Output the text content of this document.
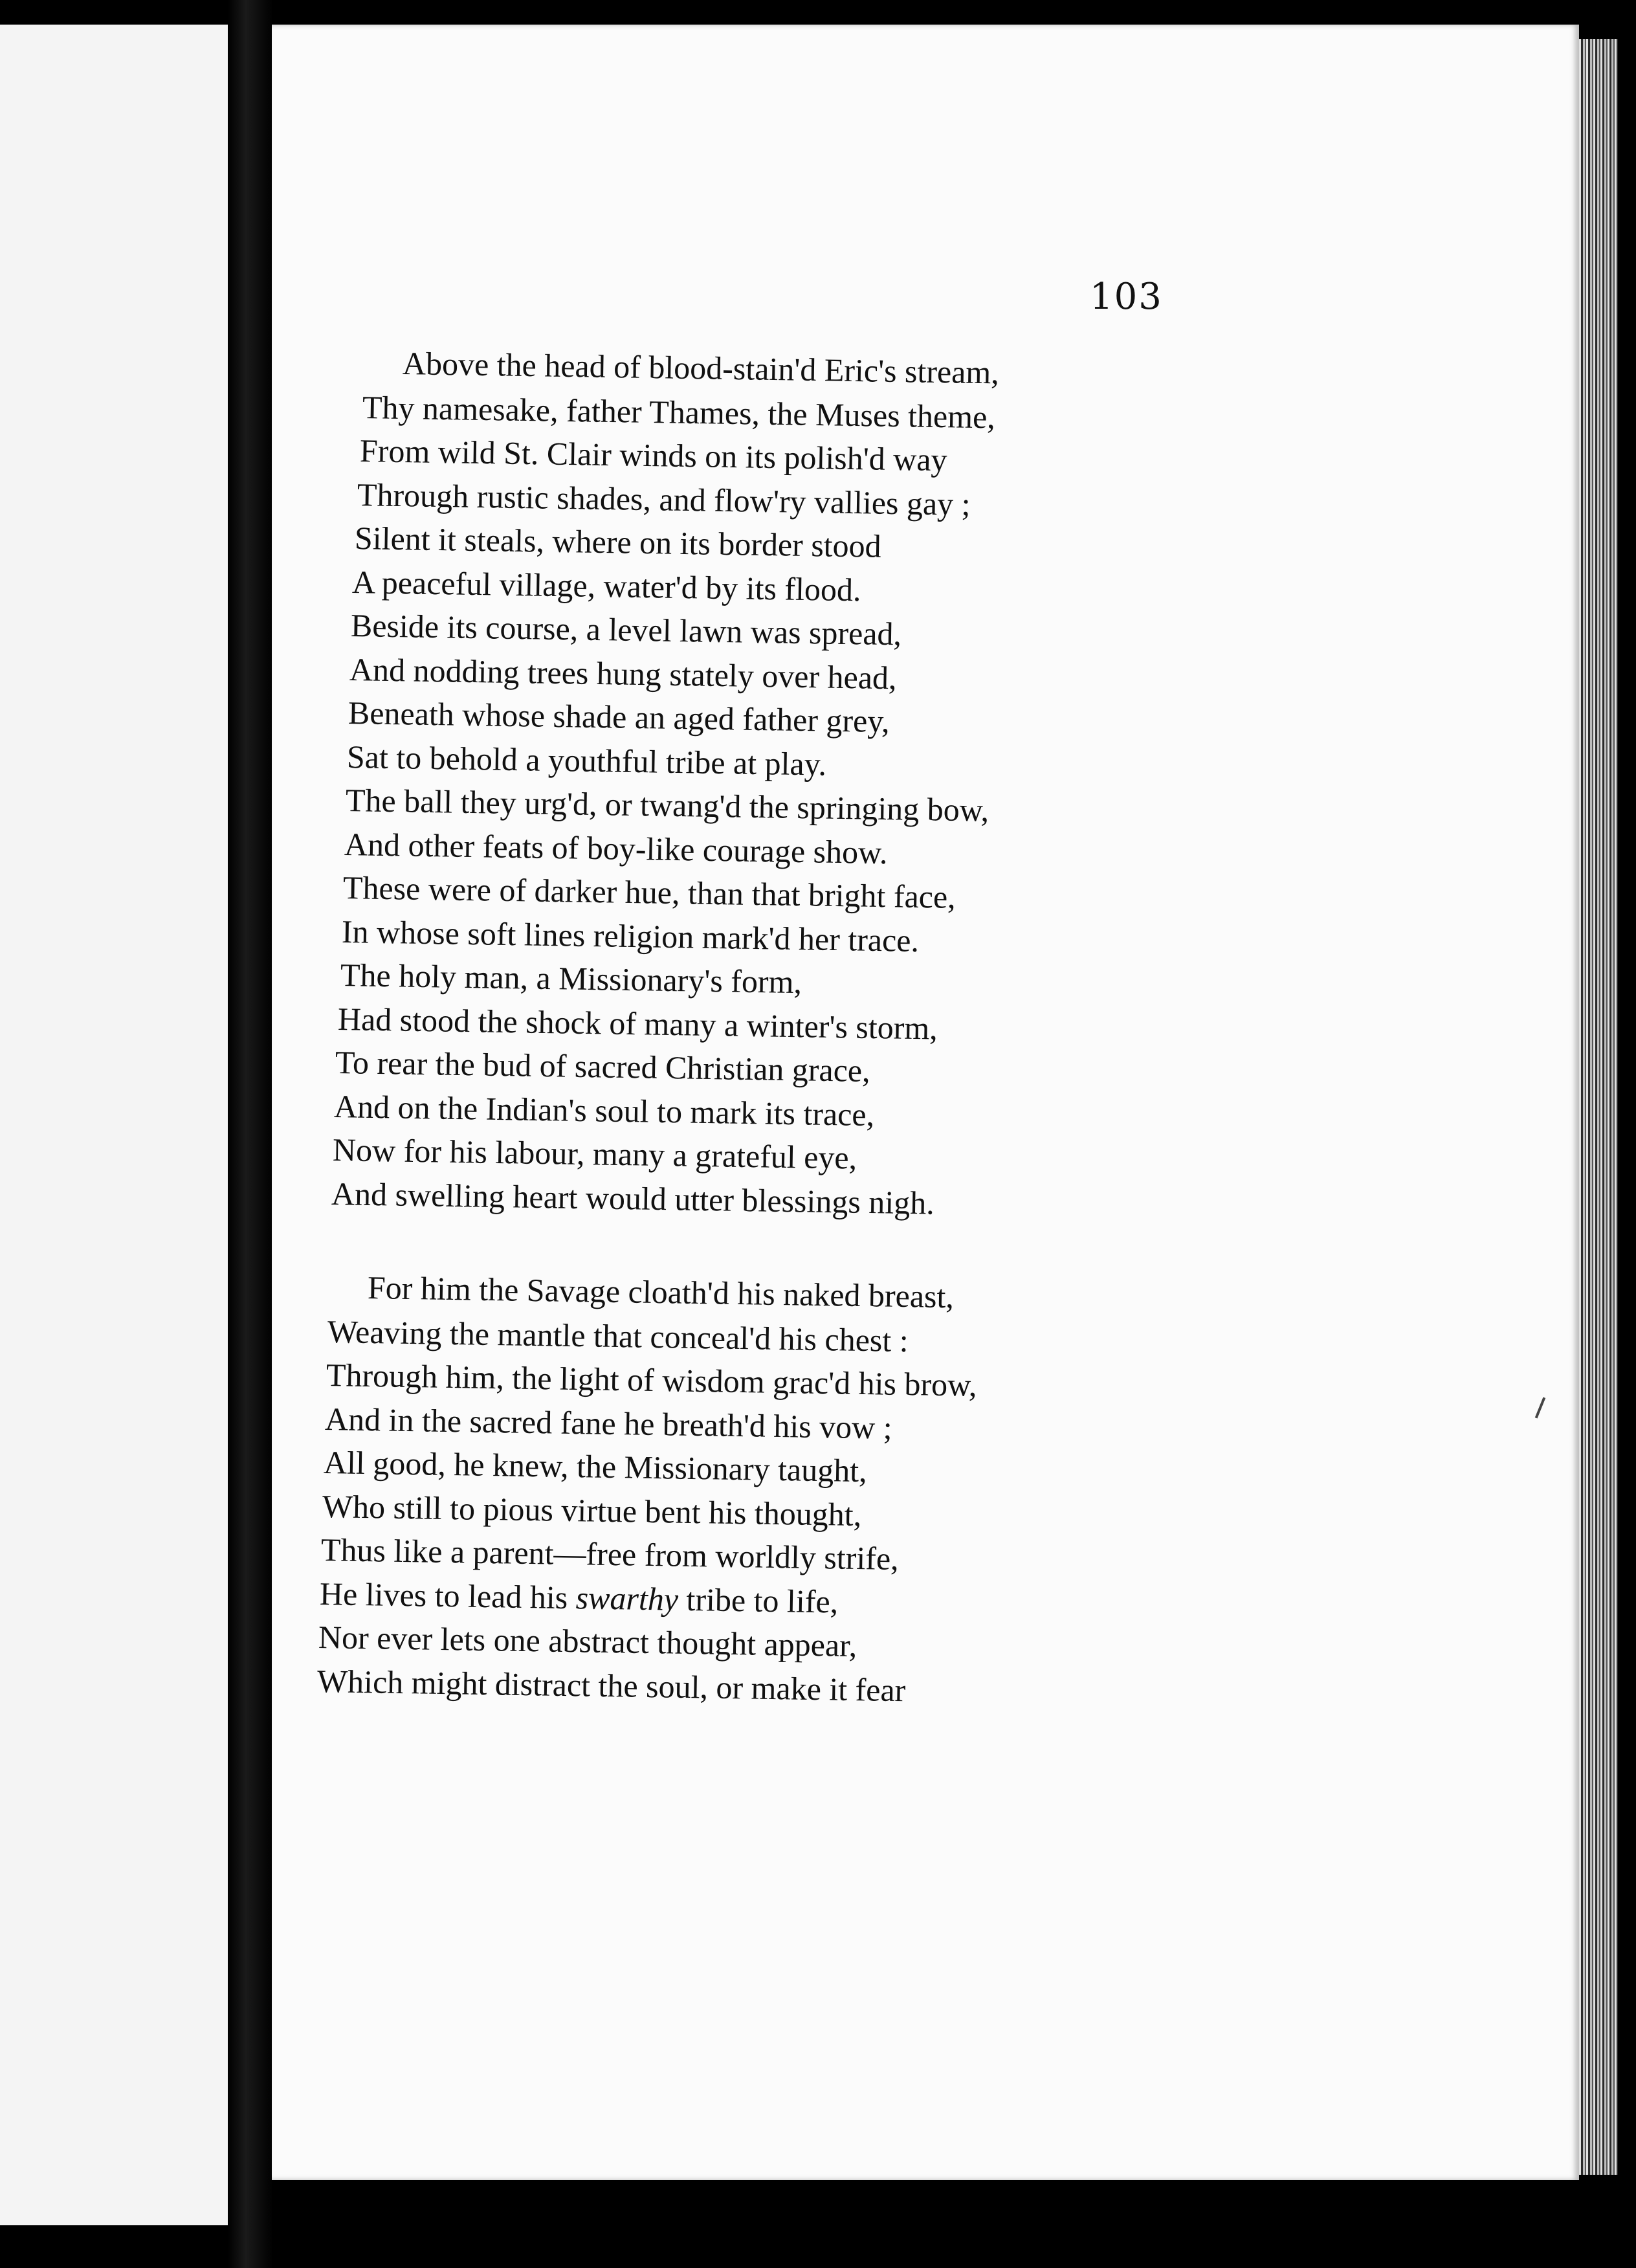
103
Above the head of blood-stain'd Eric's stream,
Thy namesake, father Thames, the Muses theme,
From wild St. Clair winds on its polish'd way
Through rustic shades, and flow'ry vallies gay ;
Silent it steals, where on its border stood
A peaceful village, water'd by its flood.
Beside its course, a level lawn was spread,
And nodding trees hung stately over head,
Beneath whose shade an aged father grey,
Sat to behold a youthful tribe at play.
The ball they urg'd, or twang'd the springing bow,
And other feats of boy-like courage show.
These were of darker hue, than that bright face,
In whose soft lines religion mark'd her trace.
The holy man, a Missionary's form,
Had stood the shock of many a winter's storm,
To rear the bud of sacred Christian grace,
And on the Indian's soul to mark its trace,
Now for his labour, many a grateful eye,
And swelling heart would utter blessings nigh.
For him the Savage cloath'd his naked breast,
Weaving the mantle that conceal'd his chest :
Through him, the light of wisdom grac'd his brow,
And in the sacred fane he breath'd his vow ;
All good, he knew, the Missionary taught,
Who still to pious virtue bent his thought,
Thus like a parent—free from worldly strife,
He lives to lead his swarthy tribe to life,
Nor ever lets one abstract thought appear,
Which might distract the soul, or make it fear
